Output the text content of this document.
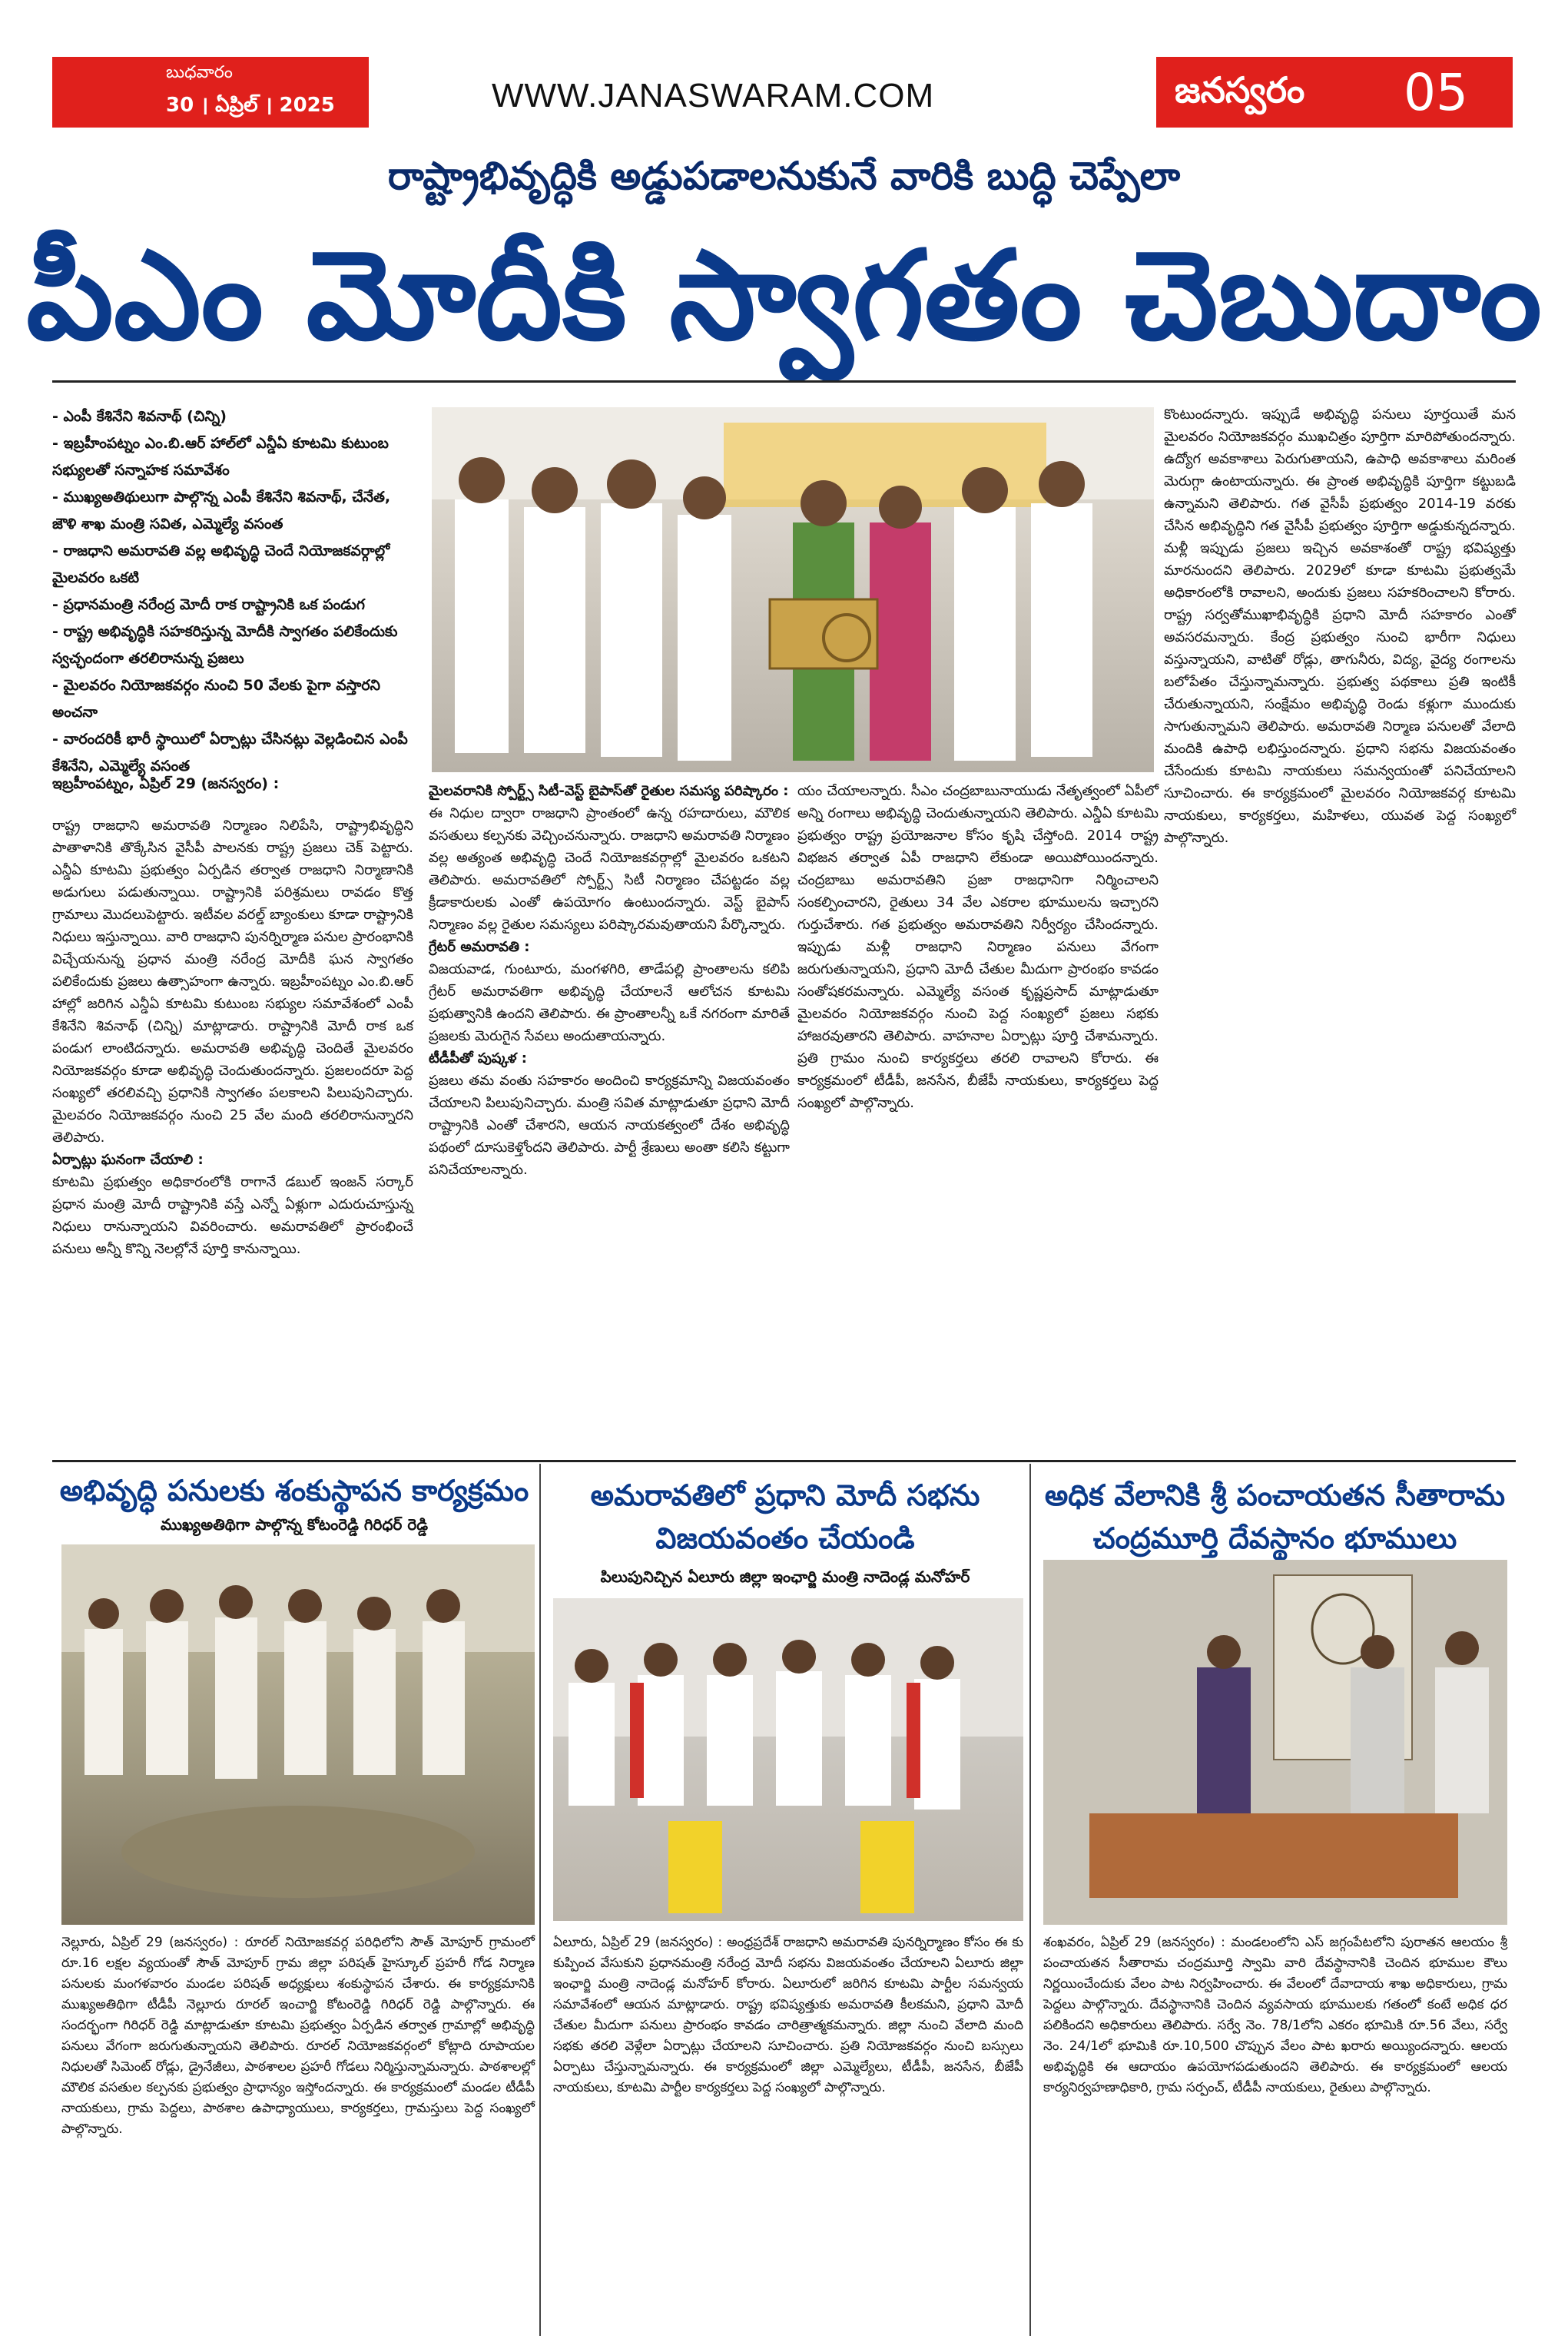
బుధవారం
30 । ఏప్రిల్ । 2025	WWW.JANASWARAM.COM	జనస్వరం 05
రాష్ట్రాభివృద్ధికి అడ్డుపడాలనుకునే వారికి బుద్ధి చెప్పేలా
పీఎం మోదీకి స్వాగతం చెబుదాం
- ఎంపీ కేశినేని శివనాథ్ (చిన్ని)
- ఇబ్రహీంపట్నం ఎం.బి.ఆర్ హాల్‌లో ఎన్డీఏ కూటమి కుటుంబ సభ్యులతో సన్నాహక సమావేశం
- ముఖ్యఅతిథులుగా పాల్గొన్న ఎంపీ కేశినేని శివనాథ్, చేనేత, జౌళి శాఖ మంత్రి సవిత, ఎమ్మెల్యే వసంత
- రాజధాని అమరావతి వల్ల అభివృద్ధి చెందే నియోజకవర్గాల్లో మైలవరం ఒకటి
- ప్రధానమంత్రి నరేంద్ర మోదీ రాక రాష్ట్రానికి ఒక పండుగ
- రాష్ట్ర అభివృద్ధికి సహకరిస్తున్న మోదీకి స్వాగతం పలికేందుకు స్వచ్ఛందంగా తరలిరానున్న ప్రజలు
- మైలవరం నియోజకవర్గం నుంచి 50 వేలకు పైగా వస్తారని అంచనా
- వారందరికీ భారీ స్థాయిలో ఏర్పాట్లు చేసినట్లు వెల్లడించిన ఎంపీ కేశినేని, ఎమ్మెల్యే వసంత
ఇబ్రహీంపట్నం, ఏప్రిల్ 29 (జనస్వరం) :
రాష్ట్ర రాజధాని అమరావతి నిర్మాణం నిలిపేసి, రాష్ట్రాభివృద్ధిని పాతాళానికి తొక్కేసిన వైసీపీ పాలనకు రాష్ట్ర ప్రజలు చెక్ పెట్టారు. ఎన్డీఏ కూటమి ప్రభుత్వం ఏర్పడిన తర్వాత రాజధాని నిర్మాణానికి అడుగులు పడుతున్నాయి. రాష్ట్రానికి పరిశ్రమలు రావడం కొత్త గ్రామాలు మొదలుపెట్టారు. ఇటీవల వరల్డ్ బ్యాంకులు కూడా రాష్ట్రానికి నిధులు ఇస్తున్నాయి. వారి రాజధాని పునర్నిర్మాణ పనుల ప్రారంభానికి విచ్చేయనున్న ప్రధాన మంత్రి నరేంద్ర మోదీకి ఘన స్వాగతం పలికేందుకు ప్రజలు ఉత్సాహంగా ఉన్నారు. ఇబ్రహీంపట్నం ఎం.బి.ఆర్ హాల్లో జరిగిన ఎన్డీఏ కూటమి కుటుంబ సభ్యుల సమావేశంలో ఎంపీ కేశినేని శివనాథ్ (చిన్ని) మాట్లాడారు. రాష్ట్రానికి మోదీ రాక ఒక పండుగ లాంటిదన్నారు. అమరావతి అభివృద్ధి చెందితే మైలవరం నియోజకవర్గం కూడా అభివృద్ధి చెందుతుందన్నారు. ప్రజలందరూ పెద్ద సంఖ్యలో తరలివచ్చి ప్రధానికి స్వాగతం పలకాలని పిలుపునిచ్చారు. మైలవరం నియోజకవర్గం నుంచి 25 వేల మంది తరలిరానున్నారని తెలిపారు.
ఏర్పాట్లు ఘనంగా చేయాలి :
కూటమి ప్రభుత్వం అధికారంలోకి రాగానే డబుల్ ఇంజన్ సర్కార్ ప్రధాన మంత్రి మోదీ రాష్ట్రానికి వస్తే ఎన్నో ఏళ్లుగా ఎదురుచూస్తున్న నిధులు రానున్నాయని వివరించారు. అమరావతిలో ప్రారంభించే పనులు అన్నీ కొన్ని నెలల్లోనే పూర్తి కానున్నాయి.
మైలవరానికి స్పోర్ట్స్ సిటీ-వెస్ట్ బైపాస్‌తో రైతుల సమస్య పరిష్కారం :
ఈ నిధుల ద్వారా రాజధాని ప్రాంతంలో ఉన్న రహదారులు, మౌలిక వసతులు కల్పనకు వెచ్చించనున్నారు. రాజధాని అమరావతి నిర్మాణం వల్ల అత్యంత అభివృద్ధి చెందే నియోజకవర్గాల్లో మైలవరం ఒకటని తెలిపారు. అమరావతిలో స్పోర్ట్స్ సిటీ నిర్మాణం చేపట్టడం వల్ల క్రీడాకారులకు ఎంతో ఉపయోగం ఉంటుందన్నారు. వెస్ట్ బైపాస్ నిర్మాణం వల్ల రైతుల సమస్యలు పరిష్కారమవుతాయని పేర్కొన్నారు.
గ్రేటర్ అమరావతి :
విజయవాడ, గుంటూరు, మంగళగిరి, తాడేపల్లి ప్రాంతాలను కలిపి గ్రేటర్ అమరావతిగా అభివృద్ధి చేయాలనే ఆలోచన కూటమి ప్రభుత్వానికి ఉందని తెలిపారు. ఈ ప్రాంతాలన్నీ ఒకే నగరంగా మారితే ప్రజలకు మెరుగైన సేవలు అందుతాయన్నారు.
టీడీపీతో పుష్కళ :
ప్రజలు తమ వంతు సహకారం అందించి కార్యక్రమాన్ని విజయవంతం చేయాలని పిలుపునిచ్చారు. మంత్రి సవిత మాట్లాడుతూ ప్రధాని మోదీ రాష్ట్రానికి ఎంతో చేశారని, ఆయన నాయకత్వంలో దేశం అభివృద్ధి పథంలో దూసుకెళ్తోందని తెలిపారు. పార్టీ శ్రేణులు అంతా కలిసి కట్టుగా పనిచేయాలన్నారు.
యం చేయాలన్నారు. సీఎం చంద్రబాబునాయుడు నేతృత్వంలో ఏపీలో అన్ని రంగాలు అభివృద్ధి చెందుతున్నాయని తెలిపారు. ఎన్డీఏ కూటమి ప్రభుత్వం రాష్ట్ర ప్రయోజనాల కోసం కృషి చేస్తోంది. 2014 రాష్ట్ర విభజన తర్వాత ఏపీ రాజధాని లేకుండా అయిపోయిందన్నారు. చంద్రబాబు అమరావతిని ప్రజా రాజధానిగా నిర్మించాలని సంకల్పించారని, రైతులు 34 వేల ఎకరాల భూములను ఇచ్చారని గుర్తుచేశారు. గత ప్రభుత్వం అమరావతిని నిర్వీర్యం చేసిందన్నారు. ఇప్పుడు మళ్లీ రాజధాని నిర్మాణం పనులు వేగంగా జరుగుతున్నాయని, ప్రధాని మోదీ చేతుల మీదుగా ప్రారంభం కావడం సంతోషకరమన్నారు. ఎమ్మెల్యే వసంత కృష్ణప్రసాద్ మాట్లాడుతూ మైలవరం నియోజకవర్గం నుంచి పెద్ద సంఖ్యలో ప్రజలు సభకు హాజరవుతారని తెలిపారు. వాహనాల ఏర్పాట్లు పూర్తి చేశామన్నారు. ప్రతి గ్రామం నుంచి కార్యకర్తలు తరలి రావాలని కోరారు. ఈ కార్యక్రమంలో టీడీపీ, జనసేన, బీజేపీ నాయకులు, కార్యకర్తలు పెద్ద సంఖ్యలో పాల్గొన్నారు.
కొంటుందన్నారు. ఇప్పుడే అభివృద్ధి పనులు పూర్తయితే మన మైలవరం నియోజకవర్గం ముఖచిత్రం పూర్తిగా మారిపోతుందన్నారు. ఉద్యోగ అవకాశాలు పెరుగుతాయని, ఉపాధి అవకాశాలు మరింత మెరుగ్గా ఉంటాయన్నారు. ఈ ప్రాంత అభివృద్ధికి పూర్తిగా కట్టుబడి ఉన్నామని తెలిపారు. గత వైసీపీ ప్రభుత్వం 2014-19 వరకు చేసిన అభివృద్ధిని గత వైసీపీ ప్రభుత్వం పూర్తిగా అడ్డుకున్నదన్నారు. మళ్లీ ఇప్పుడు ప్రజలు ఇచ్చిన అవకాశంతో రాష్ట్ర భవిష్యత్తు మారనుందని తెలిపారు. 2029లో కూడా కూటమి ప్రభుత్వమే అధికారంలోకి రావాలని, అందుకు ప్రజలు సహకరించాలని కోరారు. రాష్ట్ర సర్వతోముఖాభివృద్ధికి ప్రధాని మోదీ సహకారం ఎంతో అవసరమన్నారు. కేంద్ర ప్రభుత్వం నుంచి భారీగా నిధులు వస్తున్నాయని, వాటితో రోడ్లు, తాగునీరు, విద్య, వైద్య రంగాలను బలోపేతం చేస్తున్నామన్నారు. ప్రభుత్వ పథకాలు ప్రతి ఇంటికీ చేరుతున్నాయని, సంక్షేమం అభివృద్ధి రెండు కళ్లుగా ముందుకు సాగుతున్నామని తెలిపారు. అమరావతి నిర్మాణ పనులతో వేలాది మందికి ఉపాధి లభిస్తుందన్నారు. ప్రధాని సభను విజయవంతం చేసేందుకు కూటమి నాయకులు సమన్వయంతో పనిచేయాలని సూచించారు. ఈ కార్యక్రమంలో మైలవరం నియోజకవర్గ కూటమి నాయకులు, కార్యకర్తలు, మహిళలు, యువత పెద్ద సంఖ్యలో పాల్గొన్నారు.
అభివృద్ధి పనులకు శంకుస్థాపన కార్యక్రమం
ముఖ్యఅతిథిగా పాల్గొన్న కోటంరెడ్డి గిరిధర్ రెడ్డి
నెల్లూరు, ఏప్రిల్ 29 (జనస్వరం) : రూరల్ నియోజకవర్గ పరిధిలోని సౌత్ మోపూర్ గ్రామంలో రూ.16 లక్షల వ్యయంతో సౌత్ మోపూర్ గ్రామ జిల్లా పరిషత్ హైస్కూల్ ప్రహరీ గోడ నిర్మాణ పనులకు మంగళవారం మండల పరిషత్ అధ్యక్షులు శంకుస్థాపన చేశారు. ఈ కార్యక్రమానికి ముఖ్యఅతిథిగా టీడీపీ నెల్లూరు రూరల్ ఇంచార్జి కోటంరెడ్డి గిరిధర్ రెడ్డి పాల్గొన్నారు. ఈ సందర్భంగా గిరిధర్ రెడ్డి మాట్లాడుతూ కూటమి ప్రభుత్వం ఏర్పడిన తర్వాత గ్రామాల్లో అభివృద్ధి పనులు వేగంగా జరుగుతున్నాయని తెలిపారు. రూరల్ నియోజకవర్గంలో కోట్లాది రూపాయల నిధులతో సిమెంట్ రోడ్లు, డ్రైనేజీలు, పాఠశాలల ప్రహరీ గోడలు నిర్మిస్తున్నామన్నారు. పాఠశాలల్లో మౌలిక వసతుల కల్పనకు ప్రభుత్వం ప్రాధాన్యం ఇస్తోందన్నారు. ఈ కార్యక్రమంలో మండల టీడీపీ నాయకులు, గ్రామ పెద్దలు, పాఠశాల ఉపాధ్యాయులు, కార్యకర్తలు, గ్రామస్తులు పెద్ద సంఖ్యలో పాల్గొన్నారు.
అమరావతిలో ప్రధాని మోదీ సభను విజయవంతం చేయండి
పిలుపునిచ్చిన ఏలూరు జిల్లా ఇంఛార్జి మంత్రి నాదెండ్ల మనోహర్
ఏలూరు, ఏప్రిల్ 29 (జనస్వరం) : అంధ్రప్రదేశ్ రాజధాని అమరావతి పునర్నిర్మాణం కోసం ఈ కు కుప్పించ వేసుకుని ప్రధానమంత్రి నరేంద్ర మోదీ సభను విజయవంతం చేయాలని ఏలూరు జిల్లా ఇంఛార్జి మంత్రి నాదెండ్ల మనోహర్ కోరారు. ఏలూరులో జరిగిన కూటమి పార్టీల సమన్వయ సమావేశంలో ఆయన మాట్లాడారు. రాష్ట్ర భవిష్యత్తుకు అమరావతి కీలకమని, ప్రధాని మోదీ చేతుల మీదుగా పనులు ప్రారంభం కావడం చారిత్రాత్మకమన్నారు. జిల్లా నుంచి వేలాది మంది సభకు తరలి వెళ్లేలా ఏర్పాట్లు చేయాలని సూచించారు. ప్రతి నియోజకవర్గం నుంచి బస్సులు ఏర్పాటు చేస్తున్నామన్నారు. ఈ కార్యక్రమంలో జిల్లా ఎమ్మెల్యేలు, టీడీపీ, జనసేన, బీజేపీ నాయకులు, కూటమి పార్టీల కార్యకర్తలు పెద్ద సంఖ్యలో పాల్గొన్నారు.
అధిక వేలానికి శ్రీ పంచాయతన సీతారామ చంద్రమూర్తి దేవస్థానం భూములు
శంఖవరం, ఏప్రిల్ 29 (జనస్వరం) : మండలంలోని ఎస్ జగ్గంపేటలోని పురాతన ఆలయం శ్రీ పంచాయతన సీతారామ చంద్రమూర్తి స్వామి వారి దేవస్థానానికి చెందిన భూముల కౌలు నిర్ణయించేందుకు వేలం పాట నిర్వహించారు. ఈ వేలంలో దేవాదాయ శాఖ అధికారులు, గ్రామ పెద్దలు పాల్గొన్నారు. దేవస్థానానికి చెందిన వ్యవసాయ భూములకు గతంలో కంటే అధిక ధర పలికిందని అధికారులు తెలిపారు. సర్వే నెం. 78/1లోని ఎకరం భూమికి రూ.56 వేలు, సర్వే నెం. 24/1లో భూమికి రూ.10,500 చొప్పున వేలం పాట ఖరారు అయ్యిందన్నారు. ఆలయ అభివృద్ధికి ఈ ఆదాయం ఉపయోగపడుతుందని తెలిపారు. ఈ కార్యక్రమంలో ఆలయ కార్యనిర్వహణాధికారి, గ్రామ సర్పంచ్, టీడీపీ నాయకులు, రైతులు పాల్గొన్నారు.
